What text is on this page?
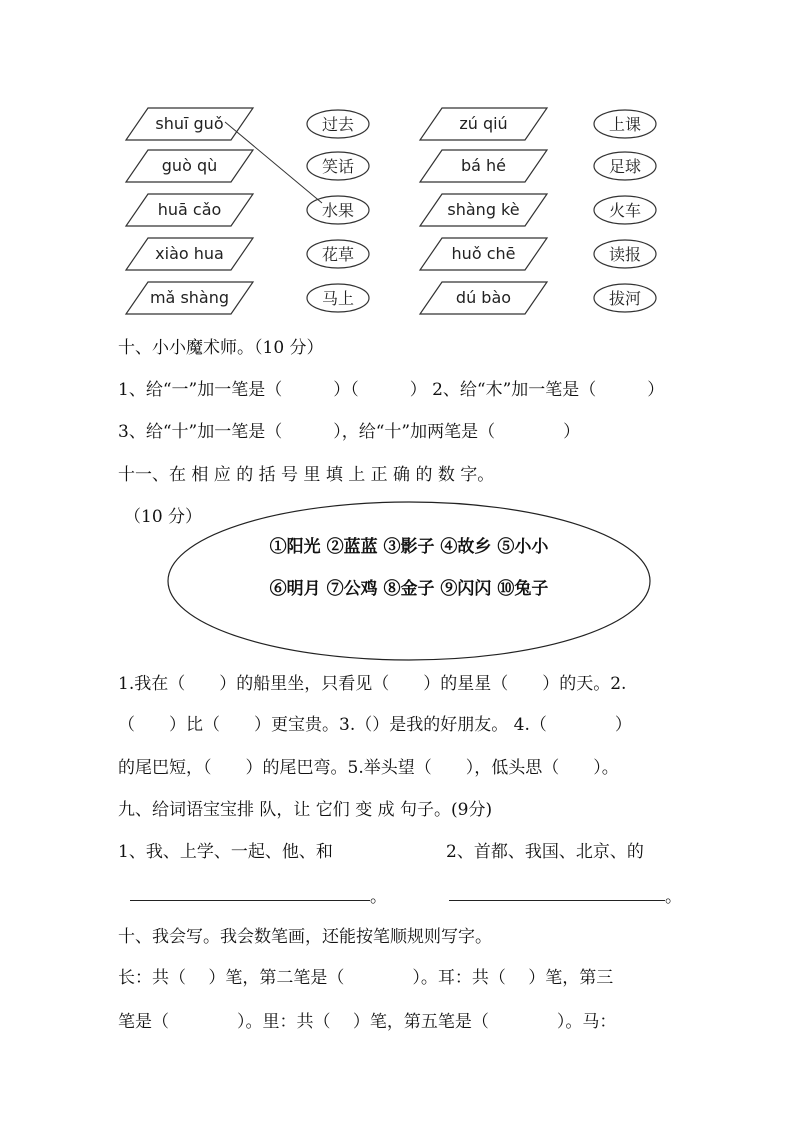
shuī guǒ	过去
guò qù	笑话
huā cǎo	水果
xiào hua	花草
mǎ shàng	马上
zú qiú	上课
bá hé	足球
shàng kè	火车
huǒ chē	读报
dú bào	拔河
十、小小魔术师。（10 分）
1、给“一”加一笔是（　　　）（　　　） 2、给“木”加一笔是（　　　）
3、给“十”加一笔是（　　　），给“十”加两笔是（　　　　）
十一、在 相 应 的 括 号 里 填 上 正 确 的 数 字。
（10 分）
①阳光 ②蓝蓝 ③影子 ④故乡 ⑤小小
⑥明月 ⑦公鸡 ⑧金子 ⑨闪闪 ⑩兔子
1.我在（　　）的船里坐，只看见（　　）的星星（　　）的天。2.
（　　）比（　　）更宝贵。3.（）是我的好朋友。 4.（　　　　）
的尾巴短，（　　）的尾巴弯。5.举头望（　　），低头思（　　）。
九、给词语宝宝排 队，让 它们 变 成 句子。(9分)
1、我、上学、一起、他、和	2、首都、我国、北京、的
。	。
十、我会写。我会数笔画，还能按笔顺规则写字。
长：共（　 ）笔，第二笔是（　　　　）。耳：共（　 ）笔，第三
笔是（　　　　）。里：共（　 ）笔，第五笔是（　　　　）。马：
